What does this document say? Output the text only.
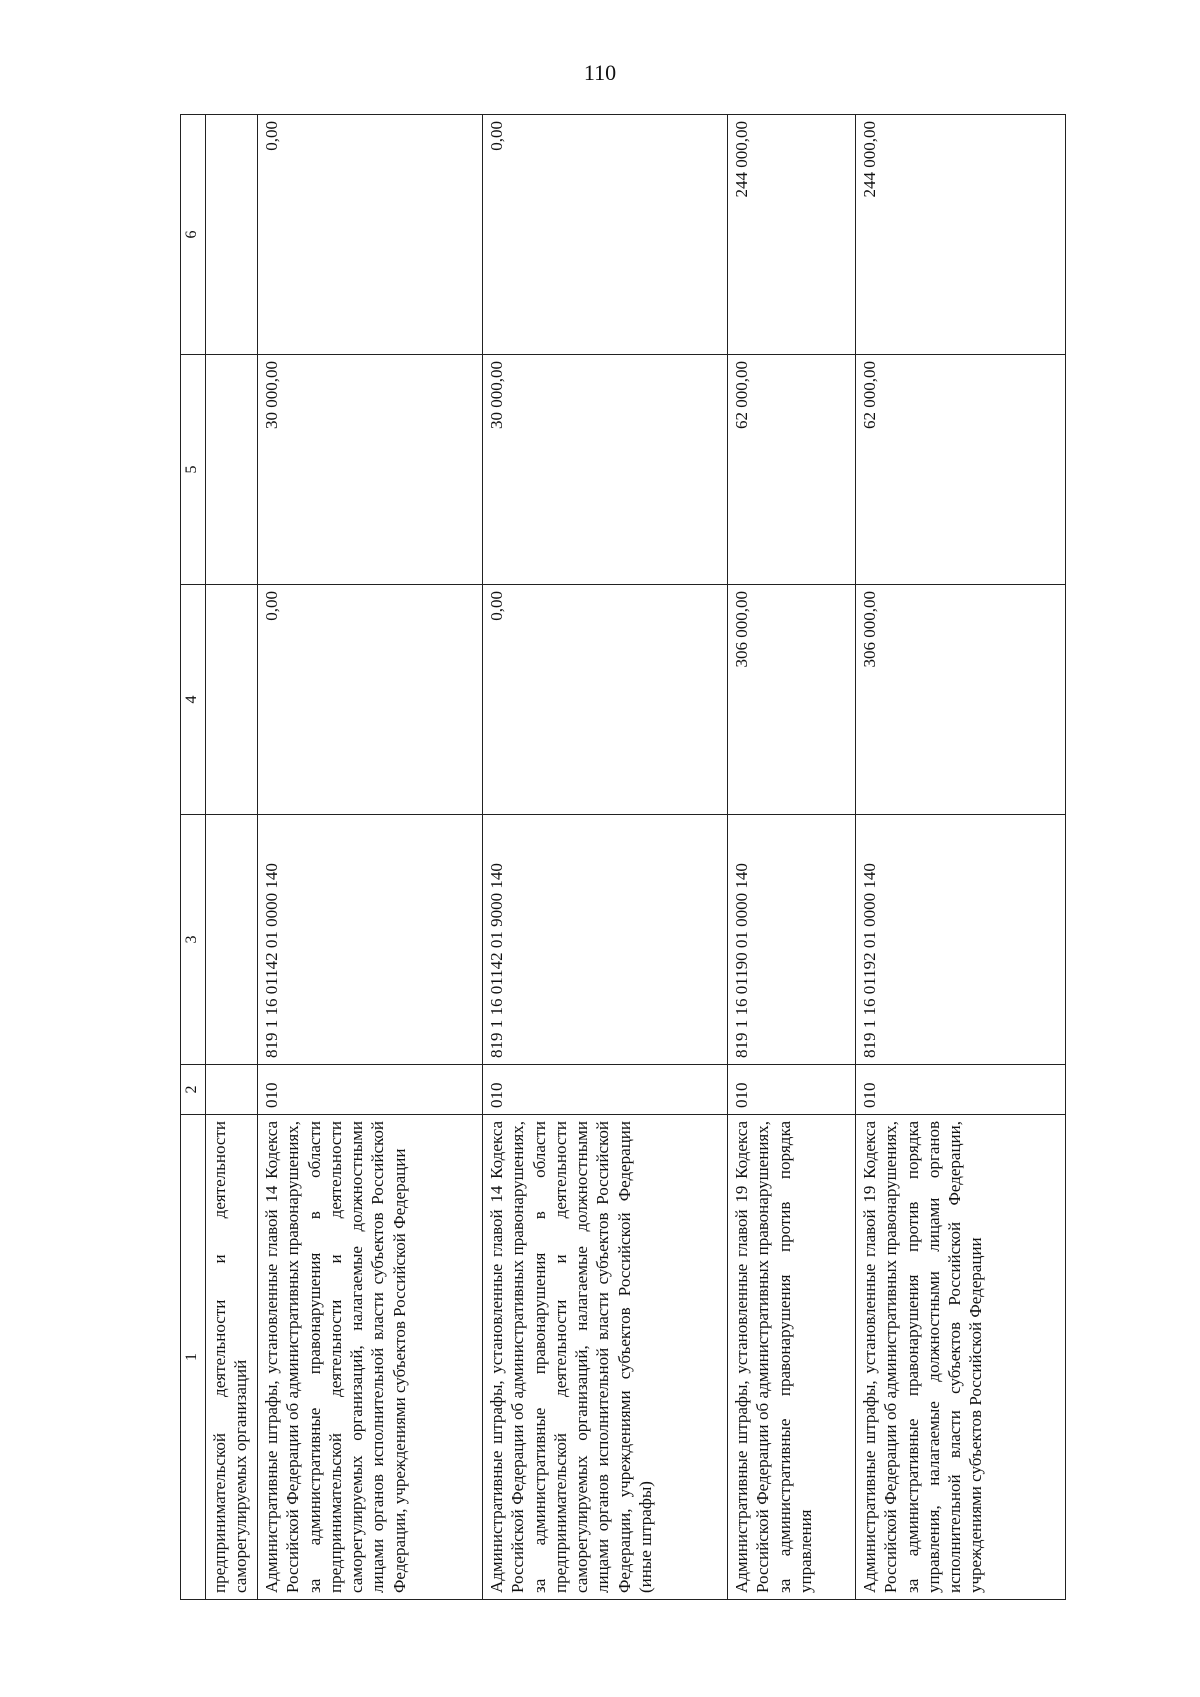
110
1	2	3	4	5	6
предпринимательской деятельности и деятельности саморегулируемых организаций					
Административные штрафы, установленные главой 14 Кодекса Российской Федерации об административных правонарушениях, за административные правонарушения в области предпринимательской деятельности и деятельности саморегулируемых организаций, налагаемые должностными лицами органов исполнительной власти субъектов Российской Федерации, учреждениями субъектов Российской Федерации	010	819 1 16 01142 01 0000 140	0,00	30 000,00	0,00
Административные штрафы, установленные главой 14 Кодекса Российской Федерации об административных правонарушениях, за административные правонарушения в области предпринимательской деятельности и деятельности саморегулируемых организаций, налагаемые должностными лицами органов исполнительной власти субъектов Российской Федерации, учреждениями субъектов Российской Федерации (иные штрафы)	010	819 1 16 01142 01 9000 140	0,00	30 000,00	0,00
Административные штрафы, установленные главой 19 Кодекса Российской Федерации об административных правонарушениях, за административные правонарушения против порядка управления	010	819 1 16 01190 01 0000 140	306 000,00	62 000,00	244 000,00
Административные штрафы, установленные главой 19 Кодекса Российской Федерации об административных правонарушениях, за административные правонарушения против порядка управления, налагаемые должностными лицами органов исполнительной власти субъектов Российской Федерации, учреждениями субъектов Российской Федерации	010	819 1 16 01192 01 0000 140	306 000,00	62 000,00	244 000,00
